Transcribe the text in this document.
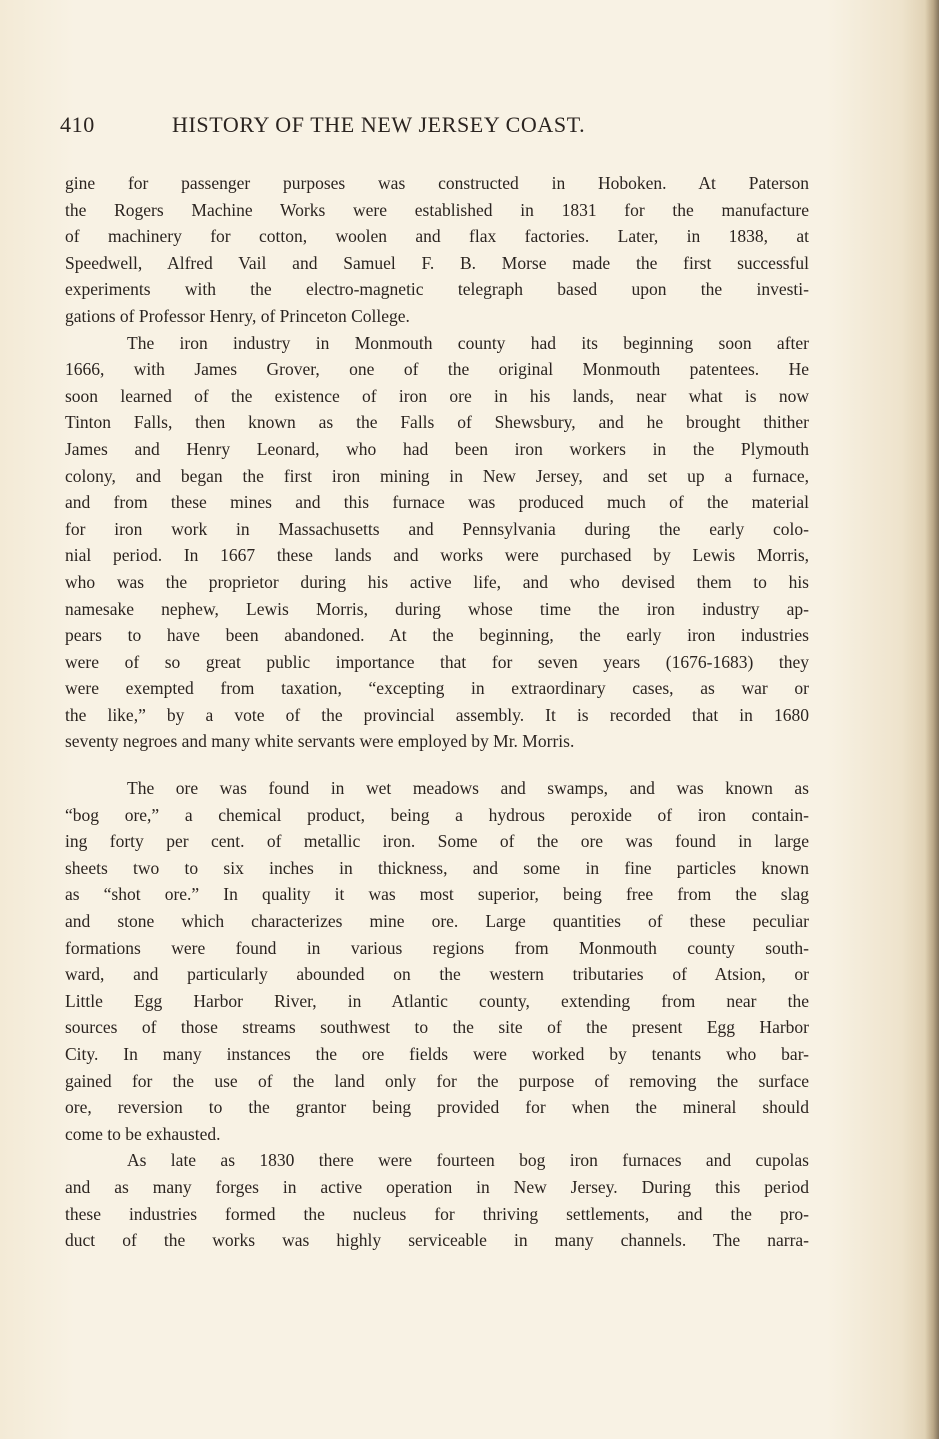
410	HISTORY OF THE NEW JERSEY COAST.
gine for passenger purposes was constructed in Hoboken. At Paterson
the Rogers Machine Works were established in 1831 for the manufacture
of machinery for cotton, woolen and flax factories. Later, in 1838, at
Speedwell, Alfred Vail and Samuel F. B. Morse made the first successful
experiments with the electro-magnetic telegraph based upon the investi-
gations of Professor Henry, of Princeton College.
The iron industry in Monmouth county had its beginning soon after
1666, with James Grover, one of the original Monmouth patentees. He
soon learned of the existence of iron ore in his lands, near what is now
Tinton Falls, then known as the Falls of Shewsbury, and he brought thither
James and Henry Leonard, who had been iron workers in the Plymouth
colony, and began the first iron mining in New Jersey, and set up a furnace,
and from these mines and this furnace was produced much of the material
for iron work in Massachusetts and Pennsylvania during the early colo-
nial period. In 1667 these lands and works were purchased by Lewis Morris,
who was the proprietor during his active life, and who devised them to his
namesake nephew, Lewis Morris, during whose time the iron industry ap-
pears to have been abandoned. At the beginning, the early iron industries
were of so great public importance that for seven years (1676-1683) they
were exempted from taxation, “excepting in extraordinary cases, as war or
the like,” by a vote of the provincial assembly. It is recorded that in 1680
seventy negroes and many white servants were employed by Mr. Morris.
The ore was found in wet meadows and swamps, and was known as
“bog ore,” a chemical product, being a hydrous peroxide of iron contain-
ing forty per cent. of metallic iron. Some of the ore was found in large
sheets two to six inches in thickness, and some in fine particles known
as “shot ore.” In quality it was most superior, being free from the slag
and stone which characterizes mine ore. Large quantities of these peculiar
formations were found in various regions from Monmouth county south-
ward, and particularly abounded on the western tributaries of Atsion, or
Little Egg Harbor River, in Atlantic county, extending from near the
sources of those streams southwest to the site of the present Egg Harbor
City. In many instances the ore fields were worked by tenants who bar-
gained for the use of the land only for the purpose of removing the surface
ore, reversion to the grantor being provided for when the mineral should
come to be exhausted.
As late as 1830 there were fourteen bog iron furnaces and cupolas
and as many forges in active operation in New Jersey. During this period
these industries formed the nucleus for thriving settlements, and the pro-
duct of the works was highly serviceable in many channels. The narra-
